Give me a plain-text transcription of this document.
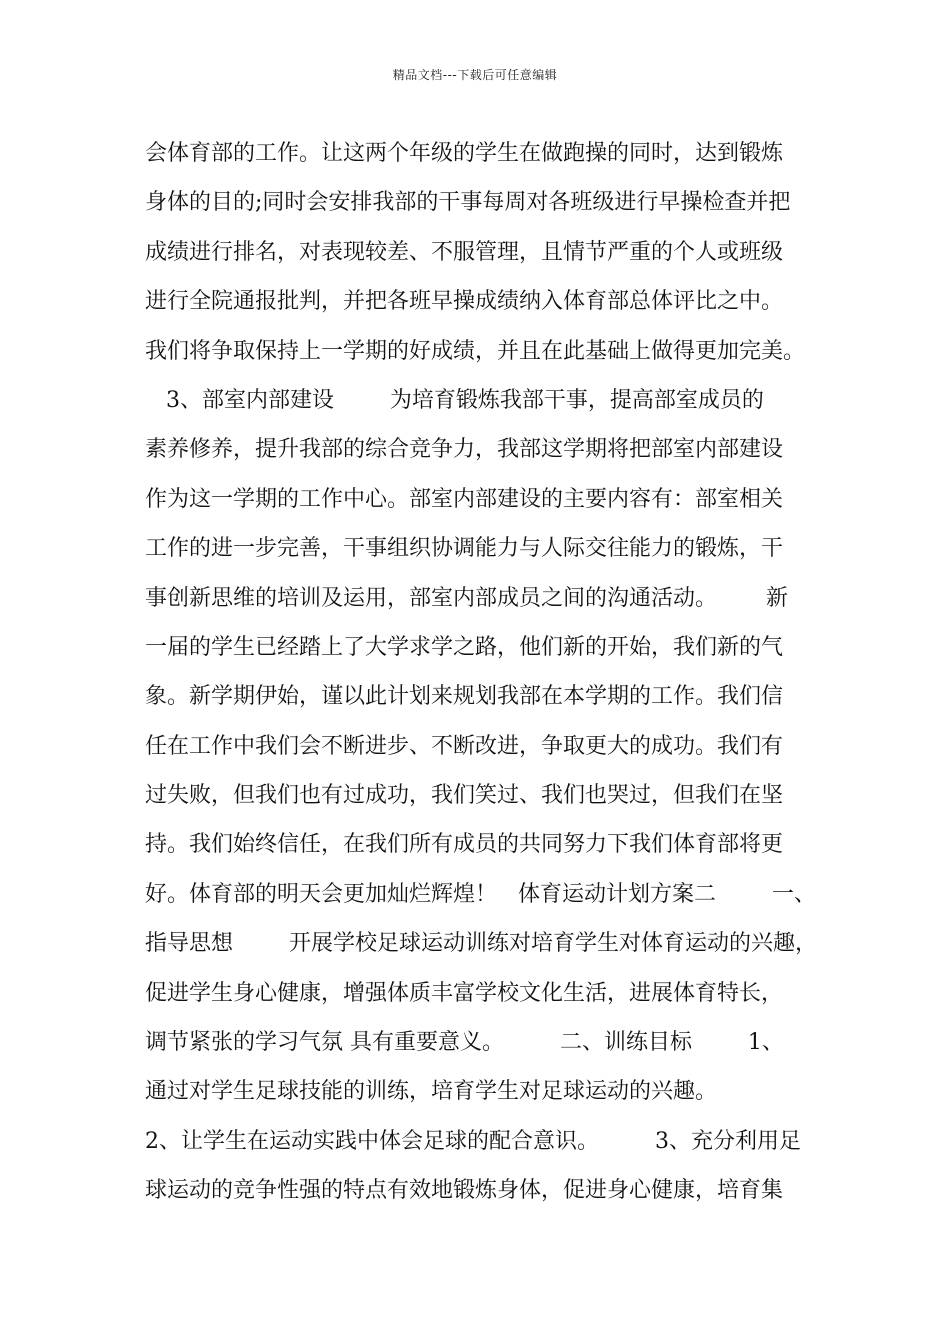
精品文档---下载后可任意编辑
会体育部的工作。让这两个年级的学生在做跑操的同时，达到锻炼
身体的目的;同时会安排我部的干事每周对各班级进行早操检查并把
成绩进行排名，对表现较差、不服管理，且情节严重的个人或班级
进行全院通报批判，并把各班早操成绩纳入体育部总体评比之中。
我们将争取保持上一学期的好成绩，并且在此基础上做得更加完美。
3、部室内部建设        为培育锻炼我部干事，提高部室成员的
素养修养，提升我部的综合竞争力，我部这学期将把部室内部建设
作为这一学期的工作中心。部室内部建设的主要内容有：部室相关
工作的进一步完善，干事组织协调能力与人际交往能力的锻炼，干
事创新思维的培训及运用，部室内部成员之间的沟通活动。       新
一届的学生已经踏上了大学求学之路，他们新的开始，我们新的气
象。新学期伊始，谨以此计划来规划我部在本学期的工作。我们信
任在工作中我们会不断进步、不断改进，争取更大的成功。我们有
过失败，但我们也有过成功，我们笑过、我们也哭过，但我们在坚
持。我们始终信任，在我们所有成员的共同努力下我们体育部将更
好。体育部的明天会更加灿烂辉煌！   体育运动计划方案二        一、
指导思想        开展学校足球运动训练对培育学生对体育运动的兴趣，
促进学生身心健康，增强体质丰富学校文化生活，进展体育特长，
调节紧张的学习气氛 具有重要意义。        二、训练目标        1、
通过对学生足球技能的训练，培育学生对足球运动的兴趣。
2、让学生在运动实践中体会足球的配合意识。        3、充分利用足
球运动的竞争性强的特点有效地锻炼身体，促进身心健康，培育集
